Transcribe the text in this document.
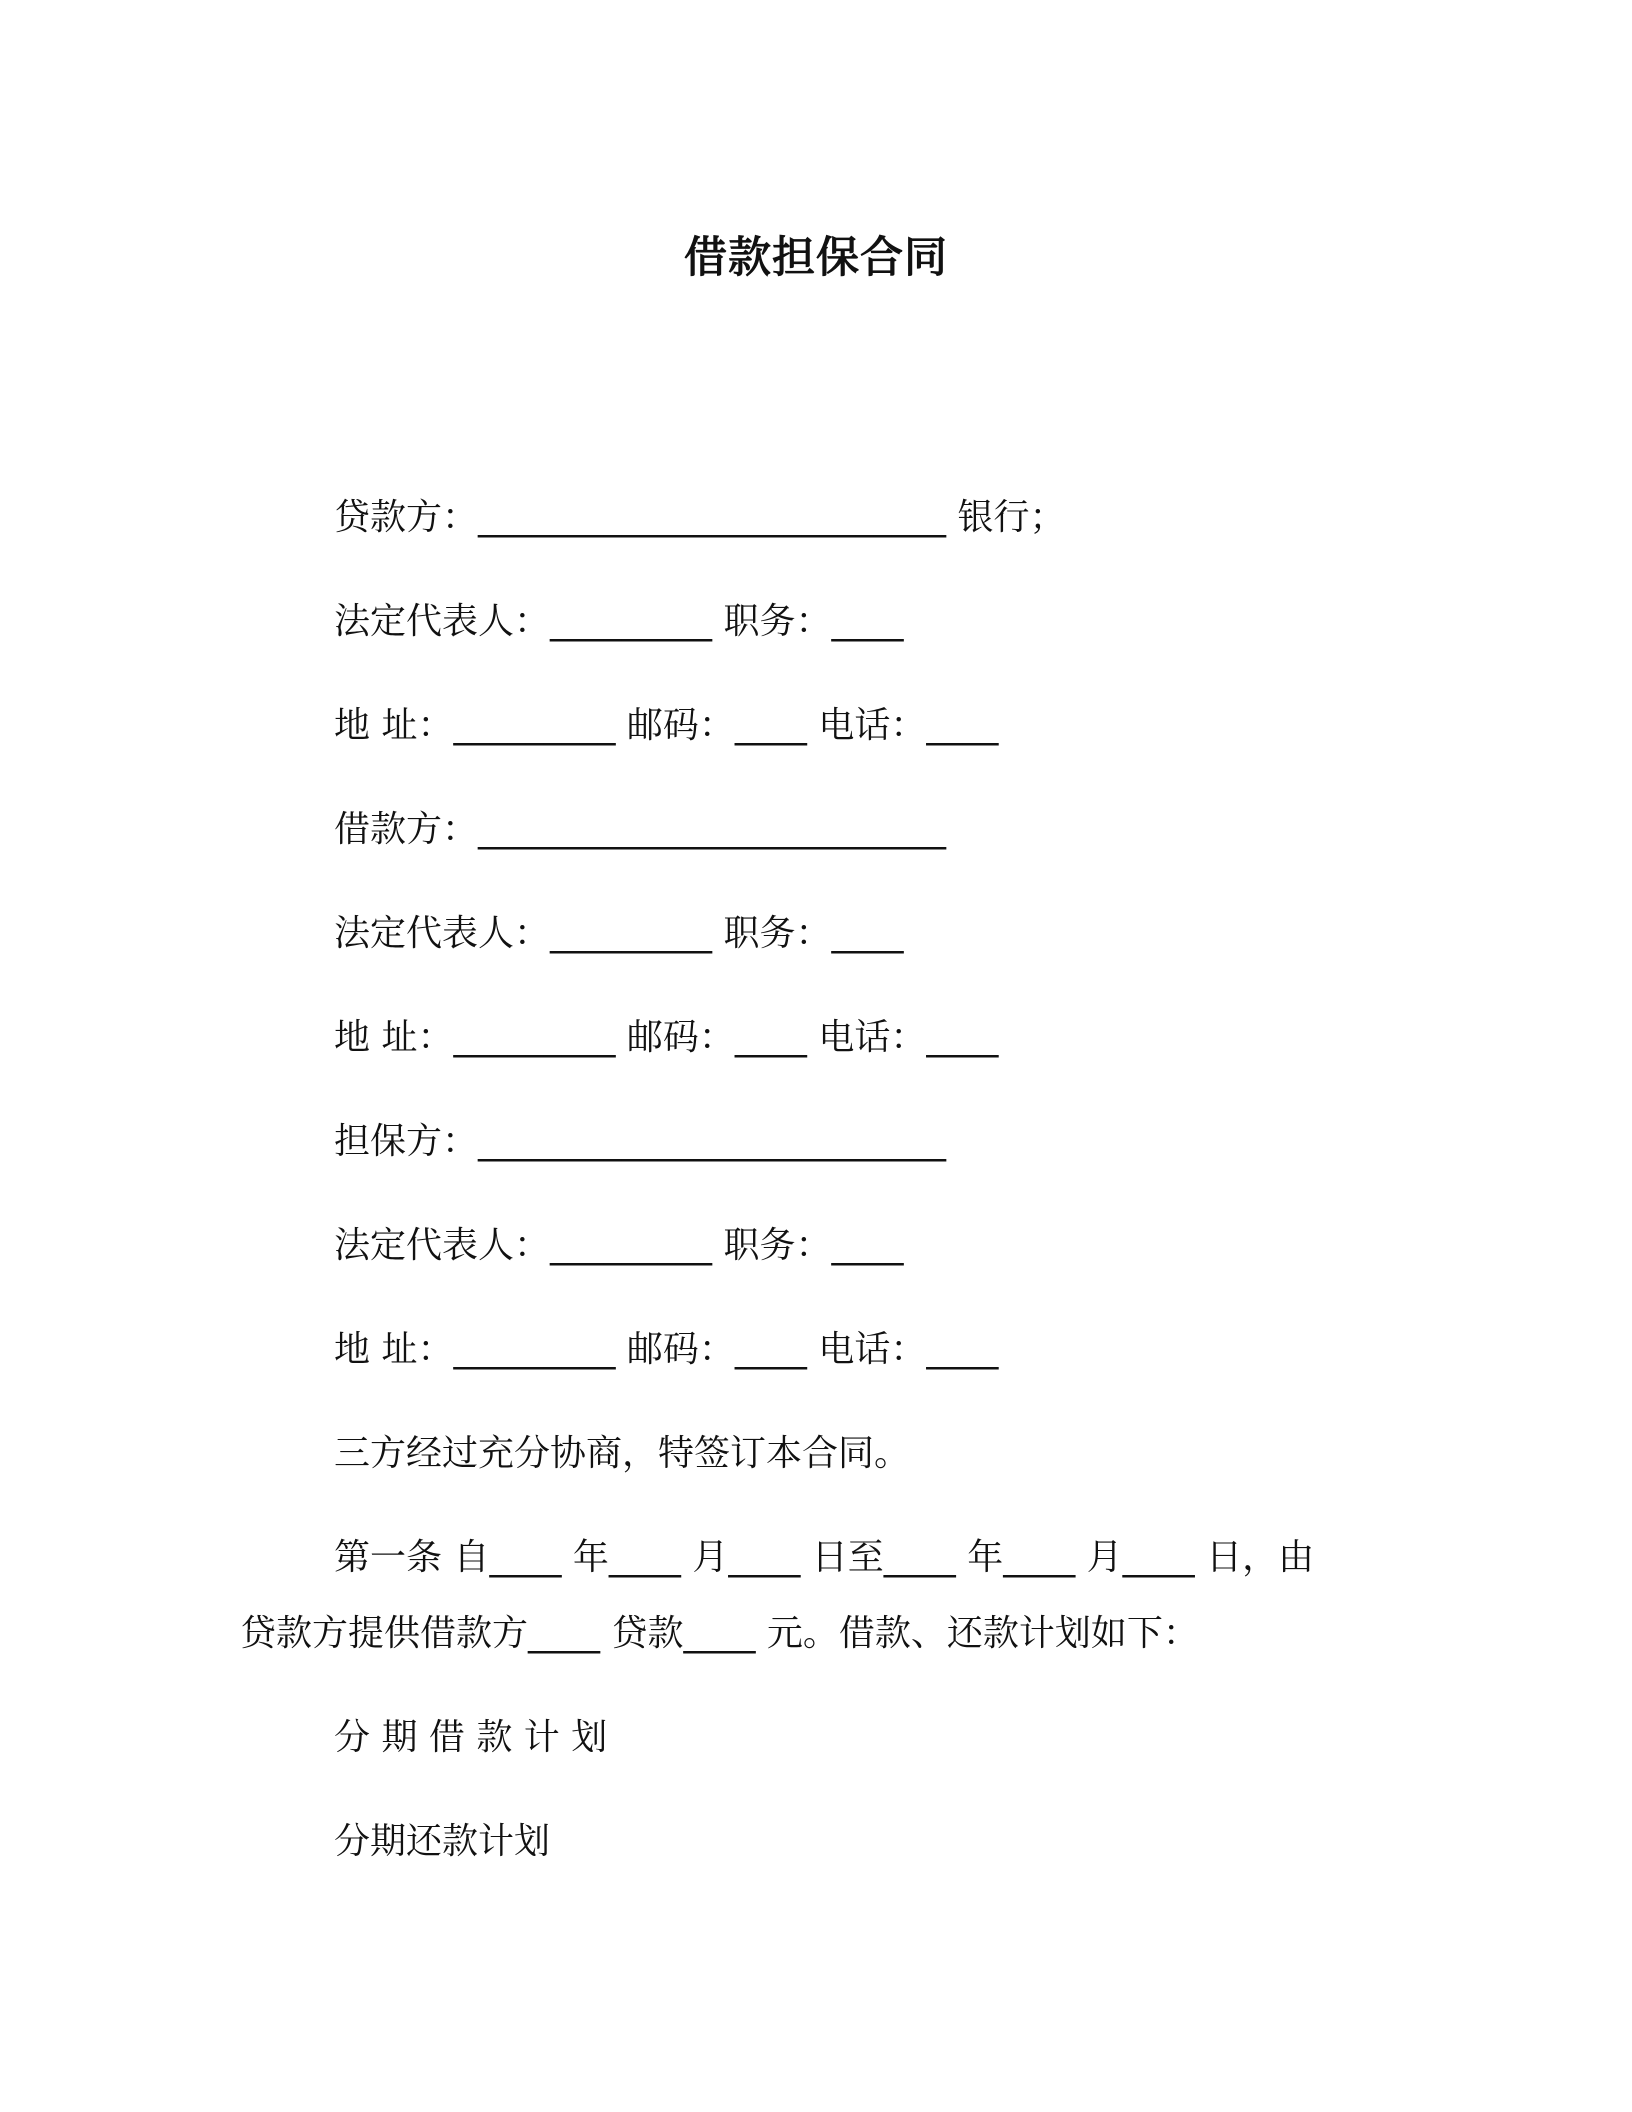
借款担保合同
贷款方：__________________________ 银行；
法定代表人：_________ 职务：____
地 址：_________ 邮码：____ 电话：____
借款方：__________________________
法定代表人：_________ 职务：____
地 址：_________ 邮码：____ 电话：____
担保方：__________________________
法定代表人：_________ 职务：____
地 址：_________ 邮码：____ 电话：____
三方经过充分协商，特签订本合同。
第一条 自____ 年____ 月____ 日至____ 年____ 月____ 日，由
贷款方提供借款方____ 贷款____ 元。借款、还款计划如下：
分 期 借 款 计 划
分期还款计划
